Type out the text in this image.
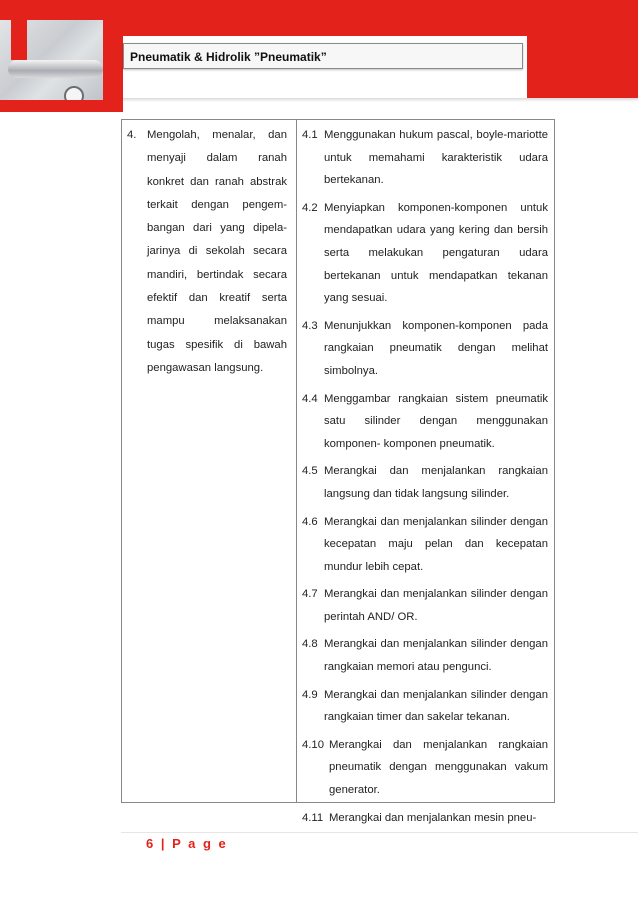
Pneumatik & Hidrolik ”Pneumatik”
4. Mengolah, menalar, dan menyaji dalam ranah konkret dan ranah abstrak terkait dengan pengem-bangan dari yang dipela-jarinya di sekolah secara mandiri, bertindak secara efektif dan kreatif serta mampu melaksanakan tugas spesifik di bawah pengawasan langsung.
4.1 Menggunakan hukum pascal, boyle-mariotte untuk memahami karakteristik udara bertekanan.
4.2 Menyiapkan komponen-komponen untuk mendapatkan udara yang kering dan bersih serta melakukan pengaturan udara bertekanan untuk mendapatkan tekanan yang sesuai.
4.3 Menunjukkan komponen-komponen pada rangkaian pneumatik dengan melihat simbolnya.
4.4 Menggambar rangkaian sistem pneumatik satu silinder dengan menggunakan komponen- komponen pneumatik.
4.5 Merangkai dan menjalankan rangkaian langsung dan tidak langsung silinder.
4.6 Merangkai dan menjalankan silinder dengan kecepatan maju pelan dan kecepatan mundur lebih cepat.
4.7 Merangkai dan menjalankan silinder dengan perintah AND/ OR.
4.8 Merangkai dan menjalankan silinder dengan rangkaian memori atau pengunci.
4.9 Merangkai dan menjalankan silinder dengan rangkaian timer dan sakelar tekanan.
4.10 Merangkai dan menjalankan rangkaian pneumatik dengan menggunakan vakum generator.
4.11 Merangkai dan menjalankan mesin pneu-
6 | P a g e
